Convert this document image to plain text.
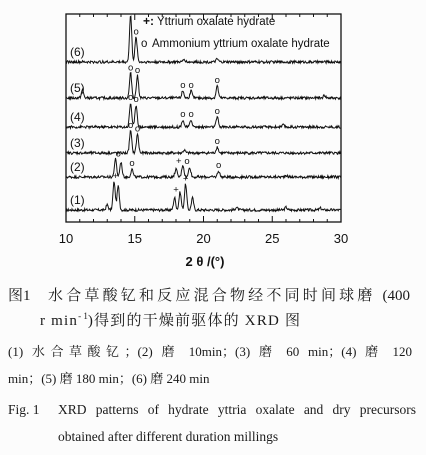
(1)
+
+
+
(2)
o
o	+ o	o
(3)
o o
o
(4)
o o
o o o
(5)
o o
o o o
(6)
o
10	15	20	25	30
2 θ /(°)
+: Yttrium oxalate hydrate
o Ammonium yttrium oxalate hydrate
图1 水合草酸钇和反应混合物经不同时间球磨 (400
r $\min^{- 1}$)得到的干燥前驱体的 XRD 图
(1) 水合草酸钇；(2) 磨 10min；(3) 磨 60 min；(4) 磨 120
min；(5) 磨 180 min；(6) 磨 240 min
Fig. 1 XRD patterns of hydrate yttria oxalate and dry precursors
obtained after different duration millings
